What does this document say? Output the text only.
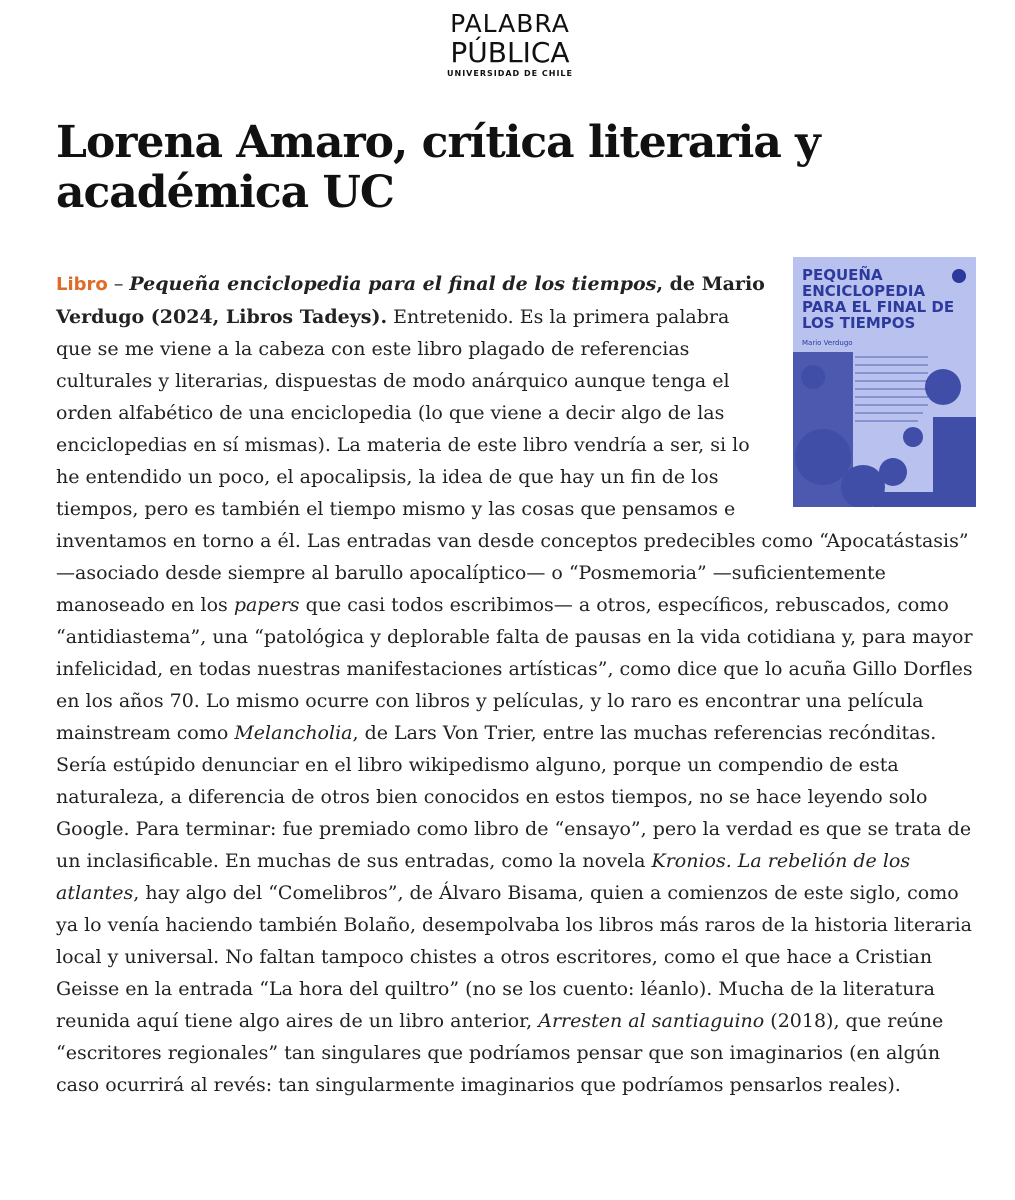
PALABRA
PÚBLICA
UNIVERSIDAD DE CHILE
Lorena Amaro, crítica literaria y académica UC
PEQUEÑA ENCICLOPEDIA PARA EL FINAL DE LOS TIEMPOS
Mario Verdugo

Libro – Pequeña enciclopedia para el final de los tiempos, de Mario Verdugo (2024, Libros Tadeys). Entretenido. Es la primera palabra que se me viene a la cabeza con este libro plagado de referencias culturales y literarias, dispuestas de modo anárquico aunque tenga el orden alfabético de una enciclopedia (lo que viene a decir algo de las enciclopedias en sí mismas). La materia de este libro vendría a ser, si lo he entendido un poco, el apocalipsis, la idea de que hay un fin de los tiempos, pero es también el tiempo mismo y las cosas que pensamos e inventamos en torno a él. Las entradas van desde conceptos predecibles como “Apocatástasis” —asociado desde siempre al barullo apocalíptico— o “Posmemoria” —suficientemente manoseado en los papers que casi todos escribimos— a otros, específicos, rebuscados, como “antidiastema”, una “patológica y deplorable falta de pausas en la vida cotidiana y, para mayor infelicidad, en todas nuestras manifestaciones artísticas”, como dice que lo acuña Gillo Dorfles en los años 70. Lo mismo ocurre con libros y películas, y lo raro es encontrar una película mainstream como Melancholia, de Lars Von Trier, entre las muchas referencias recónditas. Sería estúpido denunciar en el libro wikipedismo alguno, porque un compendio de esta naturaleza, a diferencia de otros bien conocidos en estos tiempos, no se hace leyendo solo Google. Para terminar: fue premiado como libro de “ensayo”, pero la verdad es que se trata de un inclasificable. En muchas de sus entradas, como la novela Kronios. La rebelión de los atlantes, hay algo del “Comelibros”, de Álvaro Bisama, quien a comienzos de este siglo, como ya lo venía haciendo también Bolaño, desempolvaba los libros más raros de la historia literaria local y universal. No faltan tampoco chistes a otros escritores, como el que hace a Cristian Geisse en la entrada “La hora del quiltro” (no se los cuento: léanlo). Mucha de la literatura reunida aquí tiene algo aires de un libro anterior, Arresten al santiaguino (2018), que reúne “escritores regionales” tan singulares que podríamos pensar que son imaginarios (en algún caso ocurrirá al revés: tan singularmente imaginarios que podríamos pensarlos reales).
